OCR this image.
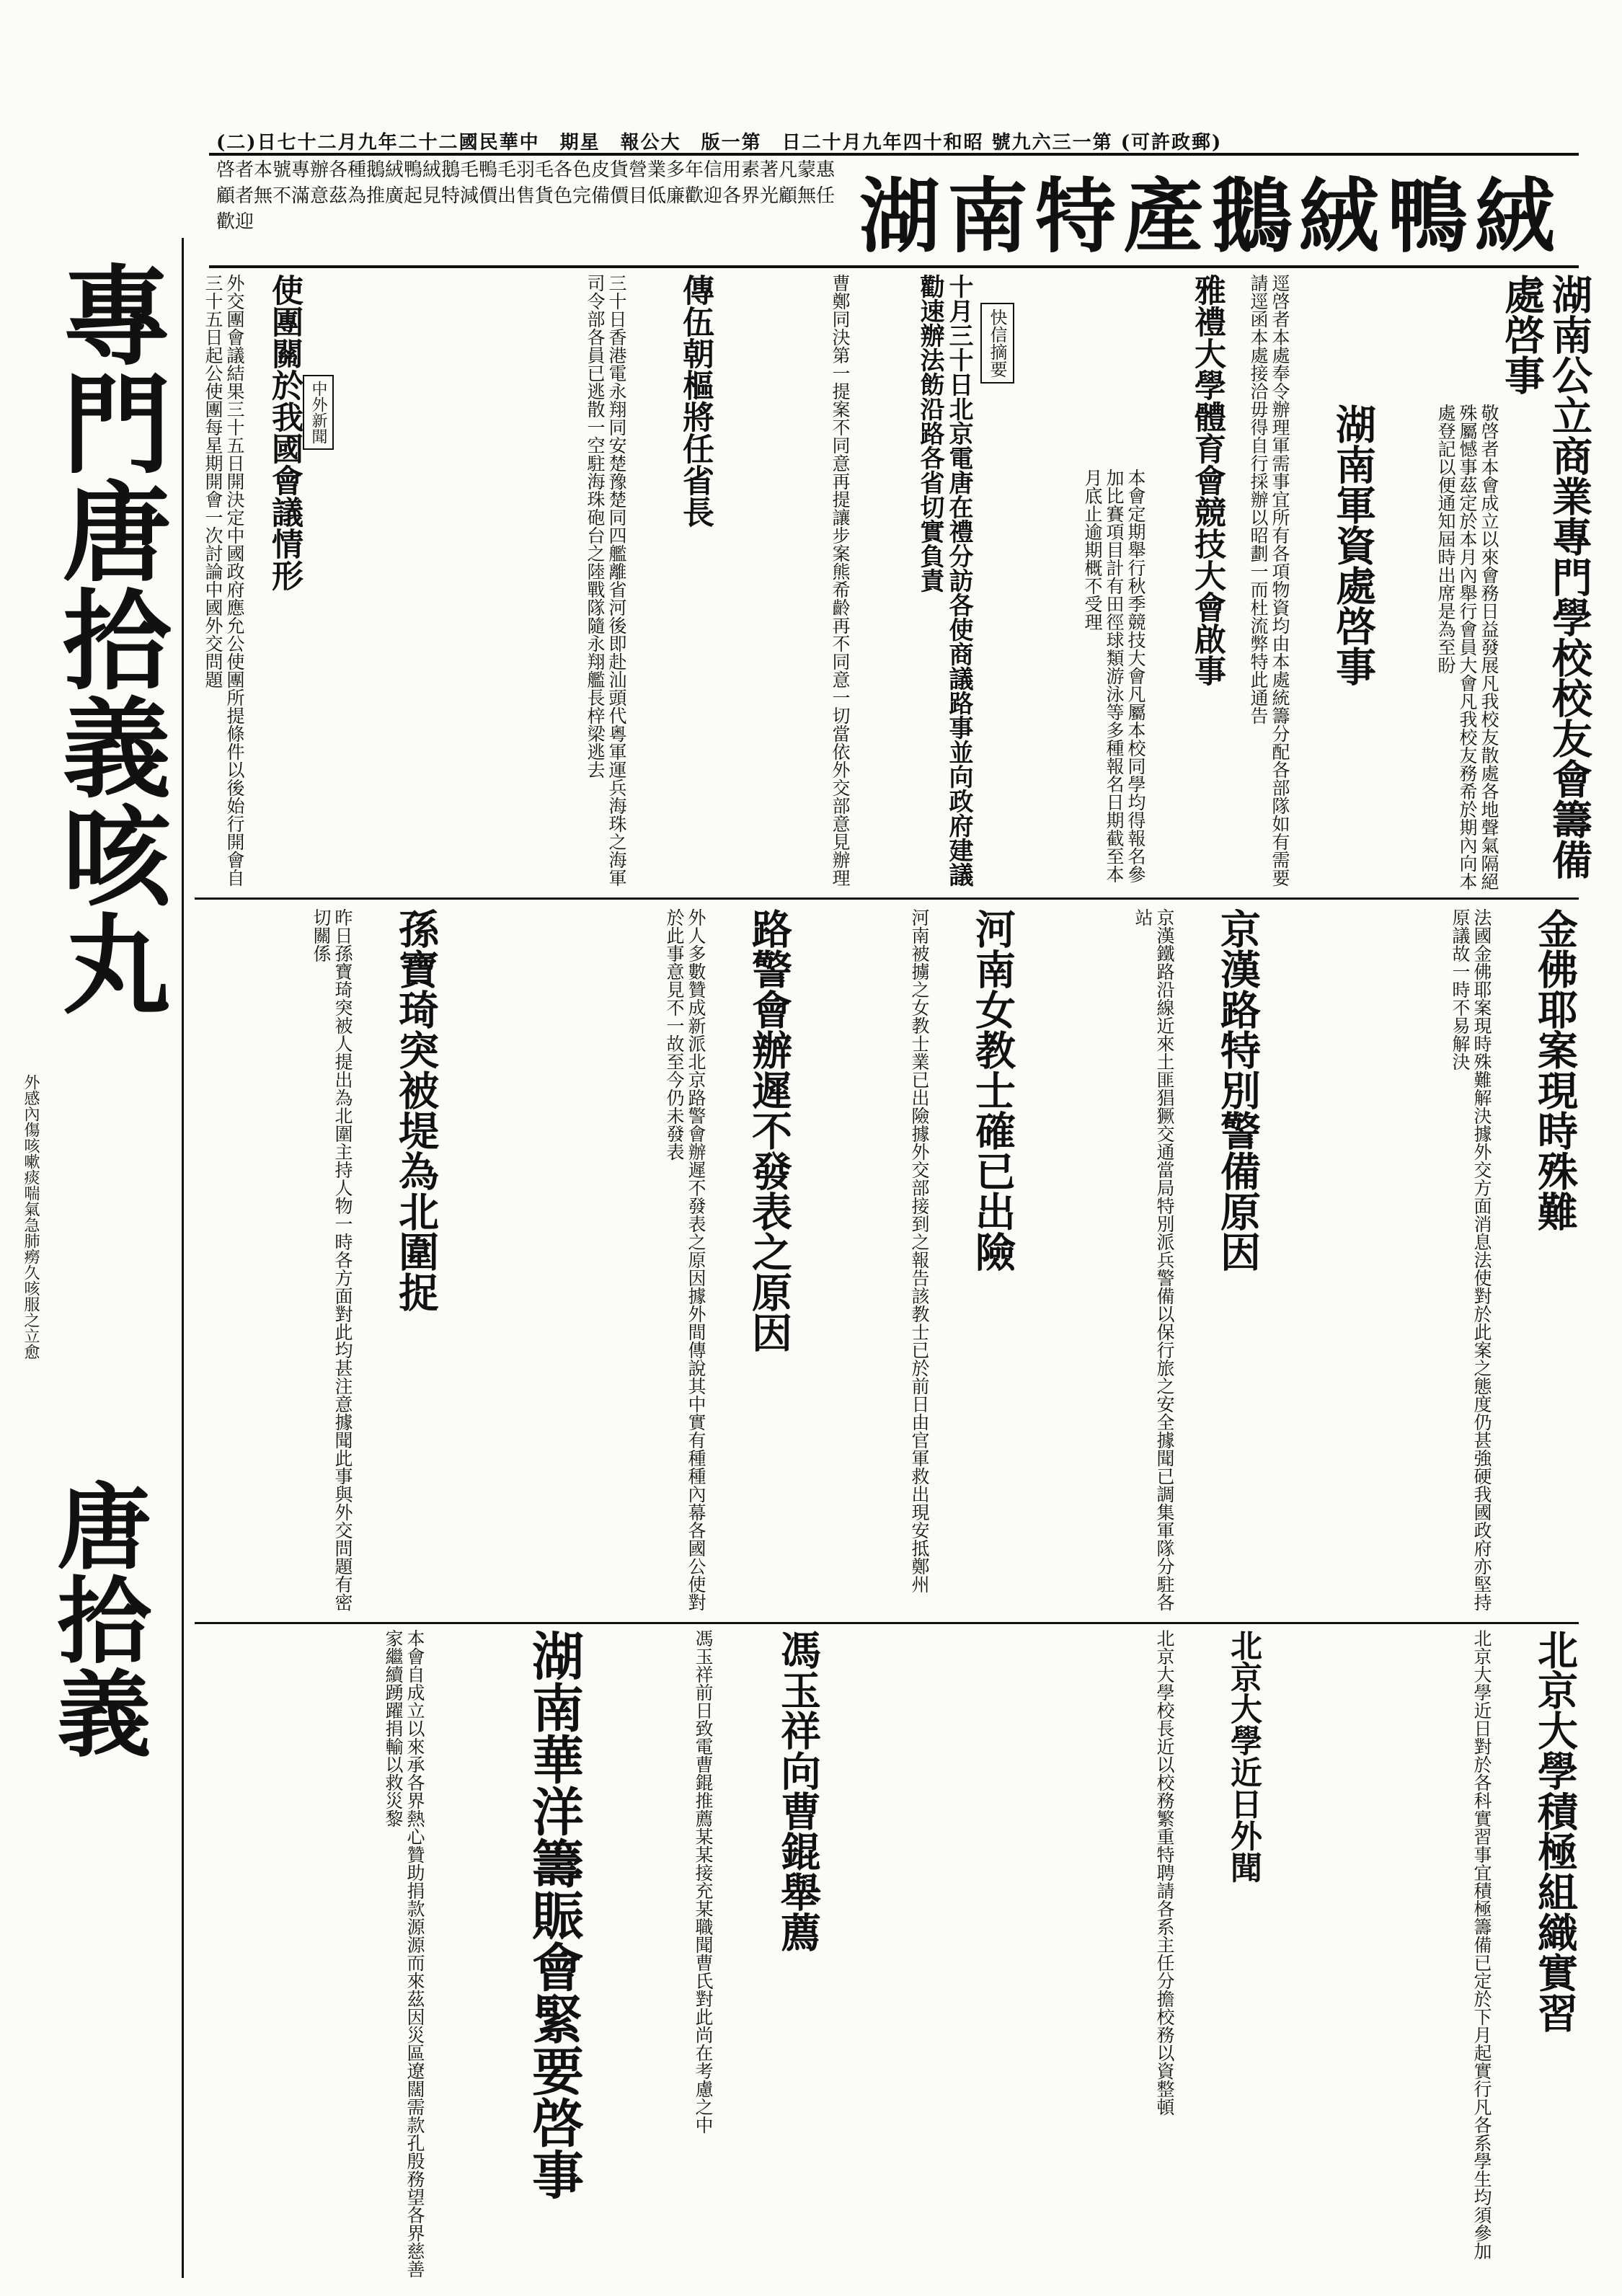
(二)日七十二月九年二十二國民華中　期星　報公大　版一第　日二十月九年四十和昭 號九六三一第 (可許政郵)
湖南特產鵝絨鴨絨
啓者本號專辦各種鵝絨鴨絨鵝毛鴨毛羽毛各色皮貨營業多年信用素著凡蒙惠顧者無不滿意茲為推廣起見特減價出售貨色完備價目低廉歡迎各界光顧無任歡迎
專門唐拾義咳丸
外感內傷咳嗽痰喘氣急肺癆久咳服之立愈
唐拾義
湖南公立商業專門學校校友會籌備處啓事
敬啓者本會成立以來會務日益發展凡我校友散處各地聲氣隔絕殊屬憾事茲定於本月內舉行會員大會凡我校友務希於期內向本處登記以便通知屆時出席是為至盼
湖南軍資處啓事
逕啓者本處奉令辦理軍需事宜所有各項物資均由本處統籌分配各部隊如有需要請逕函本處接洽毋得自行採辦以昭劃一而杜流弊特此通告
雅禮大學體育會競技大會啟事
本會定期舉行秋季競技大會凡屬本校同學均得報名參加比賽項目計有田徑球類游泳等多種報名日期截至本月底止逾期概不受理
快信摘要
十月三十日北京電唐在禮分訪各使商議路事並向政府建議勸速辦法飭沿路各省切實負責
曹鄭同決第一提案不同意再提讓步案熊希齡再不同意一切當依外交部意見辦理
中外新聞
使團關於我國會議情形
外交團會議結果三十五日開決定中國政府應允公使團所提條件以後始行開會自三十五日起公使團每星期開會一次討論中國外交問題	傳伍朝樞將任省長
三十日香港電永翔同安楚豫楚同四艦離省河後即赴汕頭代粵軍運兵海珠之海軍司令部各員已逃散一空駐海珠砲台之陸戰隊隨永翔艦長梓梁逃去
金佛耶案現時殊難
法國金佛耶案現時殊難解決據外交方面消息法使對於此案之態度仍甚強硬我國政府亦堅持原議故一時不易解決
京漢路特別警備原因
京漢鐵路沿線近來土匪猖獗交通當局特別派兵警備以保行旅之安全據聞已調集軍隊分駐各站
河南女教士確已出險
河南被擄之女教士業已出險據外交部接到之報告該教士已於前日由官軍救出現安抵鄭州
路警會辦遲不發表之原因
外人多數贊成新派北京路警會辦遲不發表之原因據外間傳說其中實有種種內幕各國公使對於此事意見不一故至今仍未發表
孫寶琦突被堤為北圍捉
昨日孫寶琦突被人提出為北圍主持人物一時各方面對此均甚注意據聞此事與外交問題有密切關係
北京大學積極組織實習
北京大學近日對於各科實習事宜積極籌備已定於下月起實行凡各系學生均須參加
北京大學近日外聞
北京大學校長近以校務繁重特聘請各系主任分擔校務以資整頓
馮玉祥向曹錕舉薦
馮玉祥前日致電曹錕推薦某某接充某職聞曹氏對此尚在考慮之中
湖南華洋籌賑會緊要啓事
本會自成立以來承各界熱心贊助捐款源源而來茲因災區遼闊需款孔殷務望各界慈善家繼續踴躍捐輸以救災黎
